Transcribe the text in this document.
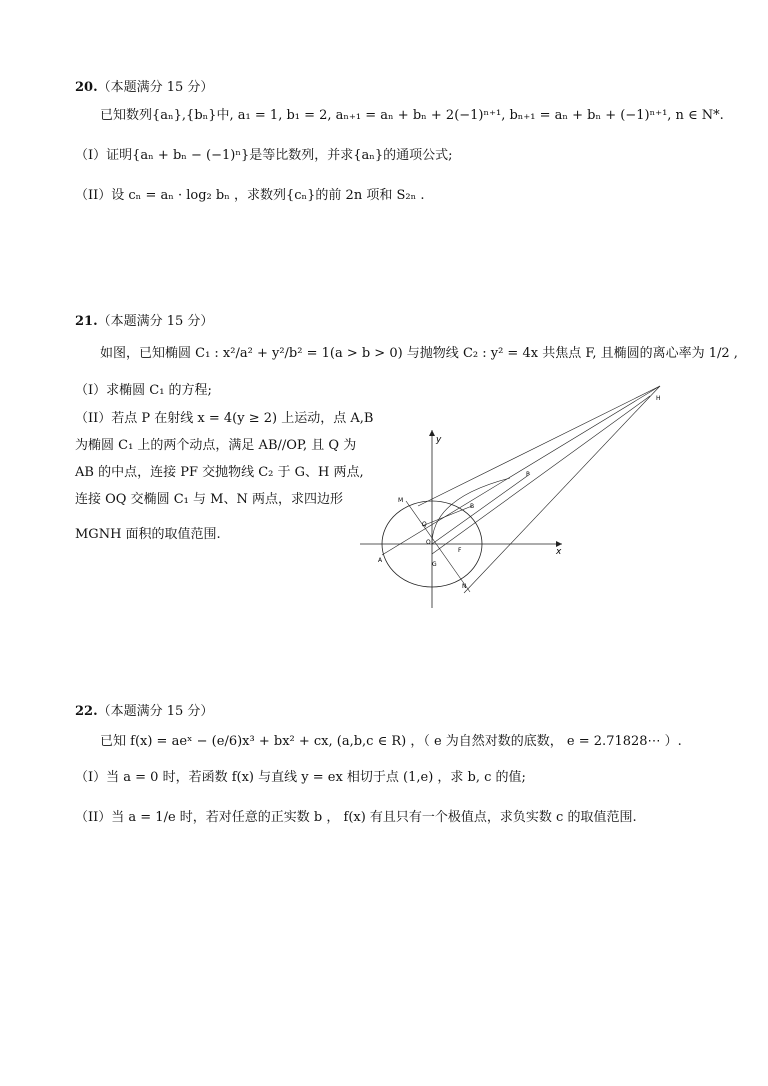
20.（本题满分 15 分）
已知数列{aₙ},{bₙ}中, a₁ = 1, b₁ = 2, aₙ₊₁ = aₙ + bₙ + 2(−1)ⁿ⁺¹, bₙ₊₁ = aₙ + bₙ + (−1)ⁿ⁺¹, n ∈ N*.
（I）证明{aₙ + bₙ − (−1)ⁿ}是等比数列，并求{aₙ}的通项公式;
（II）设 cₙ = aₙ · log₂ bₙ ，求数列{cₙ}的前 2n 项和 S₂ₙ .
21.（本题满分 15 分）
如图，已知椭圆 C₁ : x²/a² + y²/b² = 1(a > b > 0) 与抛物线 C₂ : y² = 4x 共焦点 F, 且椭圆的离心率为 1/2 ,
（I）求椭圆 C₁ 的方程;
（II）若点 P 在射线 x = 4(y ≥ 2) 上运动，点 A,B
为椭圆 C₁ 上的两个动点，满足 AB//OP, 且 Q 为
AB 的中点，连接 PF 交抛物线 C₂ 于 G、H 两点,
连接 OQ 交椭圆 C₁ 与 M、N 两点，求四边形
MGNH 面积的取值范围.
y
x
H
P
M
B
Q
O
F
A
G
N
22.（本题满分 15 分）
已知 f(x) = aeˣ − (e/6)x³ + bx² + cx, (a,b,c ∈ R) ，（ e 为自然对数的底数， e = 2.71828⋯ ）.
（I）当 a = 0 时，若函数 f(x) 与直线 y = ex 相切于点 (1,e) ，求 b, c 的值;
（II）当 a = 1/e 时，若对任意的正实数 b ， f(x) 有且只有一个极值点，求负实数 c 的取值范围.
